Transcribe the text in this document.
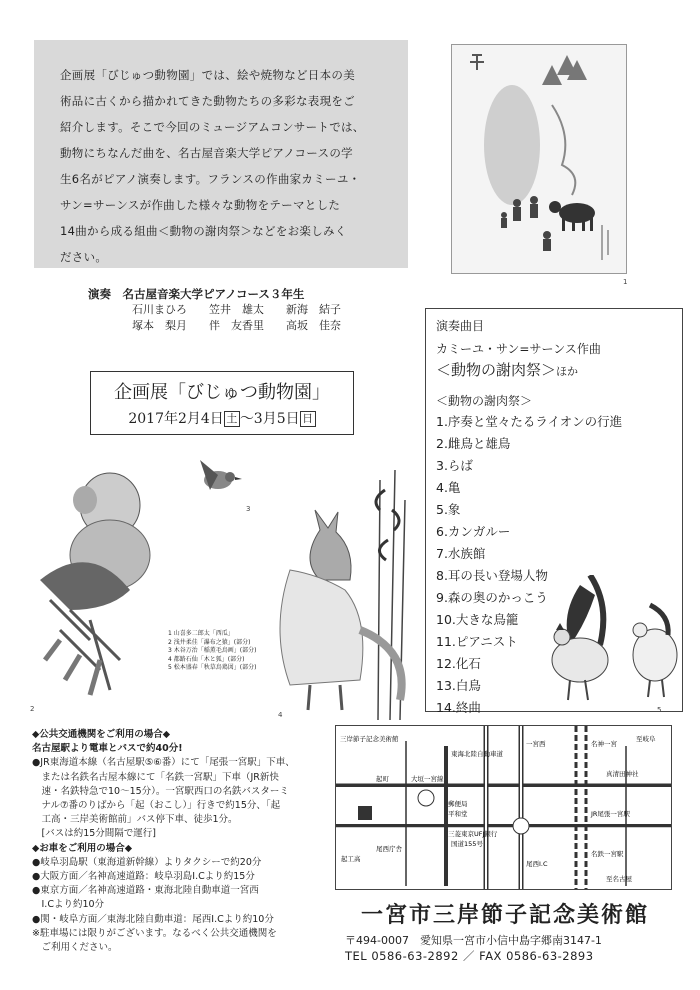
企画展「びじゅつ動物園」では、絵や焼物など日本の美

術品に古くから描かれてきた動物たちの多彩な表現をご

紹介します。そこで今回のミュージアムコンサートでは、

動物にちなんだ曲を、名古屋音楽大学ピアノコースの学

生6名がピアノ演奏します。フランスの作曲家カミーユ・

サン=サーンスが作曲した様々な動物をテーマとした

14曲から成る組曲＜動物の謝肉祭＞などをお楽しみく

ださい。

1
演奏　名古屋音楽大学ピアノコース３年生
石川まひろ　　笠井　雄太　　新海　結子
塚本　梨月　　伴　友香里　　高坂　佳奈
企画展「びじゅつ動物園」
2017年2月4日 土 ～3月5日 日
演奏曲目
カミーユ・サン=サーンス作曲
＜動物の謝肉祭＞ほか
＜動物の謝肉祭＞
1.序奏と堂々たるライオンの行進
2.雌鳥と雄鳥
3.らば
4.亀
5.象
6.カンガルー
7.水族館
8.耳の長い登場人物
9.森の奥のかっこう
10.大きな鳥籠
11.ピアニスト
12.化石
13.白鳥
14.終曲	5
3
4
2
1 山喜多二郎太「西瓜」
2 浅井柔佳「瀑布之猿」(部分)
3 木谷万治「稲薫毛鳥画」(部分)
4 都路石仙「木と狐」(部分)
5 松本盛春「秋草鳥鶏図」(部分)
◆公共交通機関をご利用の場合◆
名古屋駅より電車とバスで約40分!
●JR東海道本線（名古屋駅⑤⑥番）にて「尾張一宮駅」下車、
　または名鉄名古屋本線にて「名鉄一宮駅」下車（JR新快
　速・名鉄特急で10～15分）。一宮駅西口の名鉄バスターミ
　ナル⑦番のりばから「起（おこし）」行きで約15分、「起
　工高・三岸美術館前」バス停下車、徒歩1分。
　[バスは約15分間隔で運行]
◆お車をご利用の場合◆
●岐阜羽島駅（東海道新幹線）よりタクシーで約20分
●大阪方面／名神高速道路：岐阜羽島I.Cより約15分
●東京方面／名神高速道路・東海北陸自動車道一宮西
　I.Cより約10分
●関・岐阜方面／東海北陸自動車道：尾西I.Cより約10分
※駐車場には限りがございます。なるべく公共交通機関を
　ご利用ください。
三岸節子記念美術館
大垣一宮線
起町
東海北陸自動車道
国道155号
郵便局
平和堂
三菱東京UFJ銀行
尾西庁舎
起工高
一宮西
尾西I.C
名神一宮
名鉄一宮駅
JR尾張一宮駅
至岐阜
至名古屋
真清田神社
一宮市三岸節子記念美術館
〒494-0007　愛知県一宮市小信中島字郷南3147-1
TEL 0586-63-2892 ／ FAX 0586-63-2893
